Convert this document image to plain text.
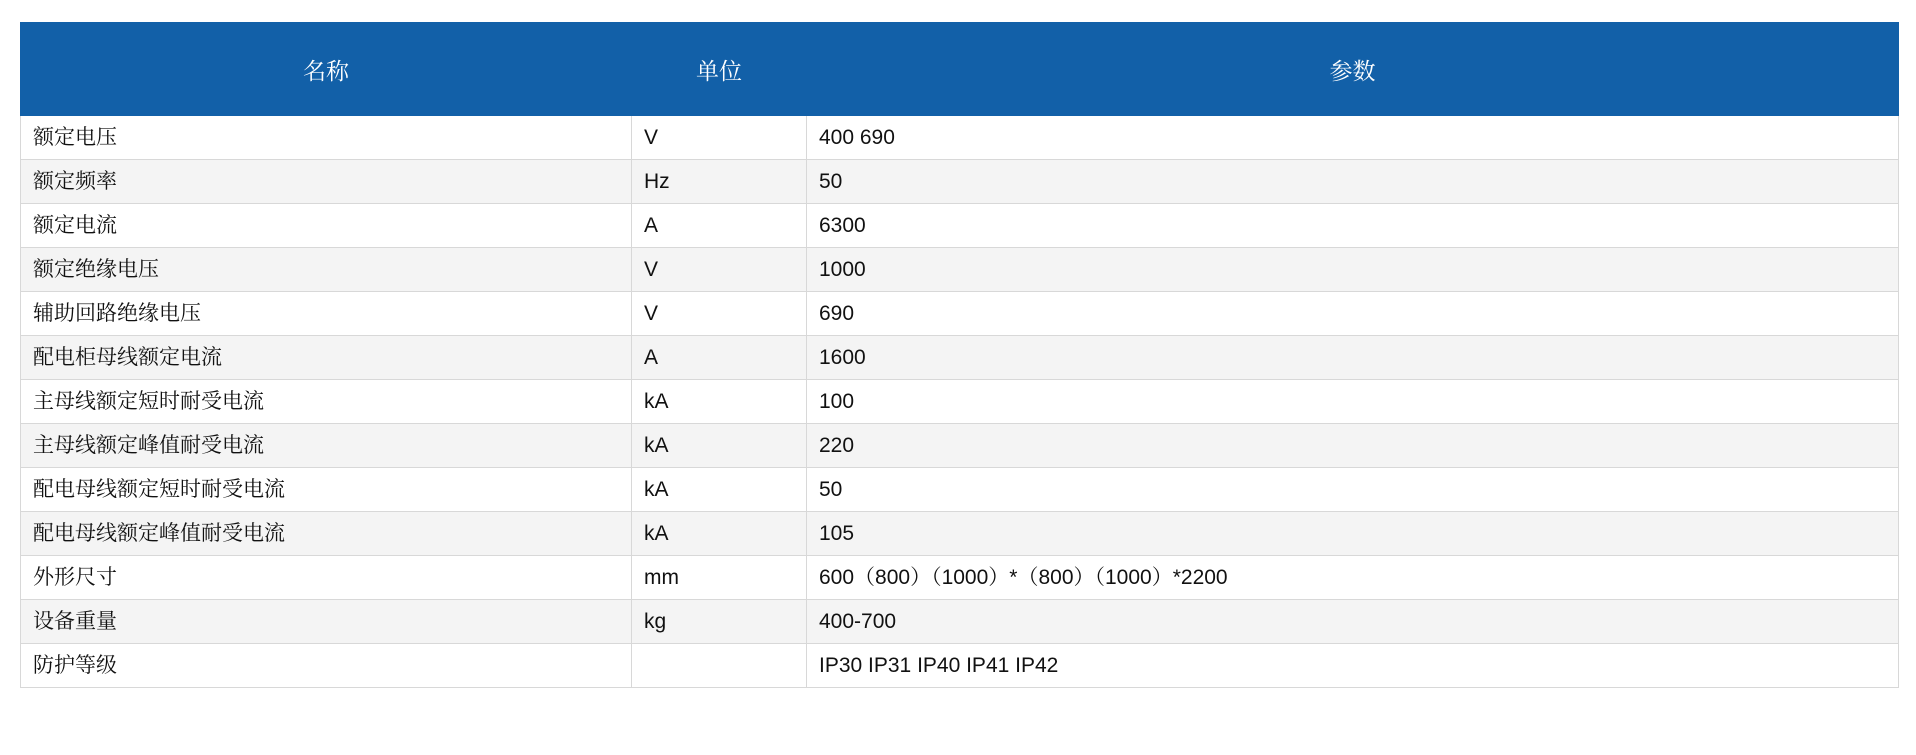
名称	单位	参数
额定电压	V	400 690
额定频率	Hz	50
额定电流	A	6300
额定绝缘电压	V	1000
辅助回路绝缘电压	V	690
配电柜母线额定电流	A	1600
主母线额定短时耐受电流	kA	100
主母线额定峰值耐受电流	kA	220
配电母线额定短时耐受电流	kA	50
配电母线额定峰值耐受电流	kA	105
外形尺寸	mm	600（800）（1000）*（800）（1000）*2200
设备重量	kg	400-700
防护等级		IP30 IP31 IP40 IP41 IP42
